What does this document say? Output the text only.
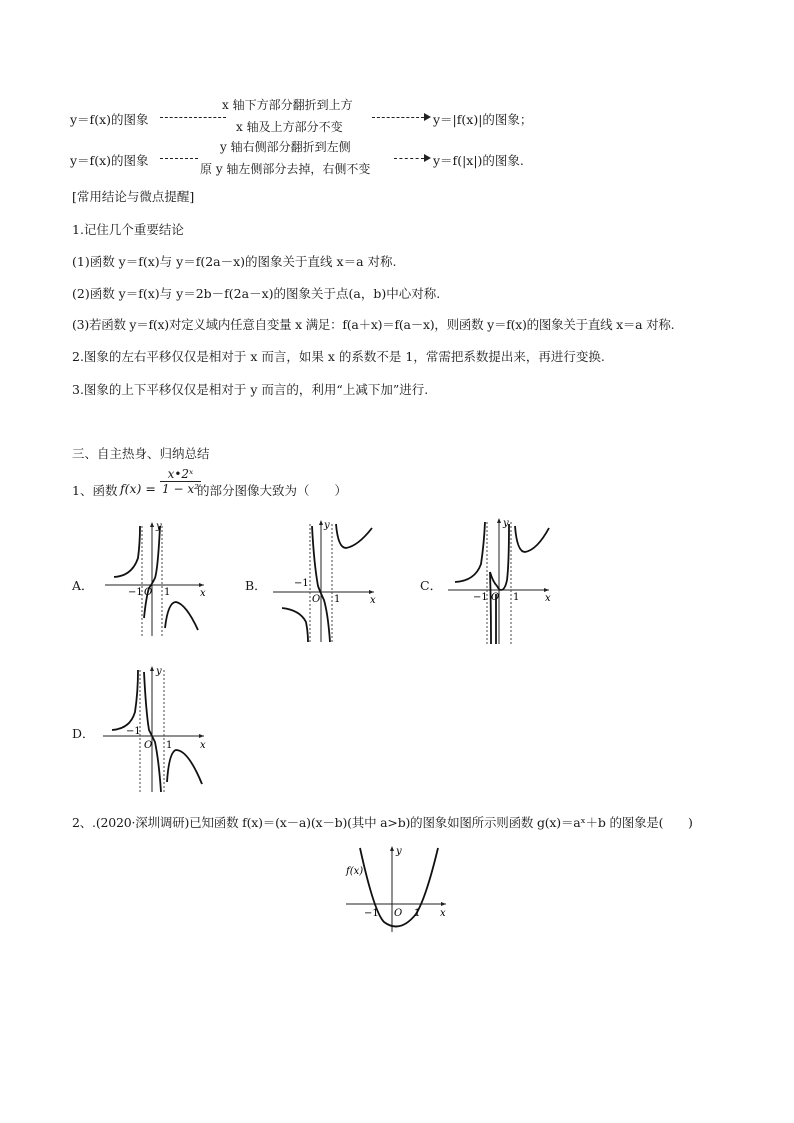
y＝f(x)的图象
x 轴下方部分翻折到上方
x 轴及上方部分不变	y＝|f(x)|的图象；
y＝f(x)的图象
y 轴右侧部分翻折到左侧
原 y 轴左侧部分去掉，右侧不变
y＝f(|x|)的图象.
[常用结论与微点提醒]
1.记住几个重要结论
(1)函数 y＝f(x)与 y＝f(2a－x)的图象关于直线 x＝a 对称.
(2)函数 y＝f(x)与 y＝2b－f(2a－x)的图象关于点(a，b)中心对称.
(3)若函数 y＝f(x)对定义域内任意自变量 x 满足：f(a＋x)＝f(a－x)，则函数 y＝f(x)的图象关于直线 x＝a 对称.
2.图象的左右平移仅仅是相对于 x 而言，如果 x 的系数不是 1，常需把系数提出来，再进行变换.
3.图象的上下平移仅仅是相对于 y 而言的，利用“上减下加”进行.
三、自主热身、归纳总结
1、函数 $f(x) = \frac{\text{x•2ˣ}}{\text{1 − x²}}$
的部分图像大致为（　　）
A．	B．	C．
D．
y
x
−1 O 1
y
x
−1
O 1
y
x
−1 O 1
y
x
−1
O 1
2、.(2020·深圳调研)已知函数 f(x)＝(x－a)(x－b)(其中 a>b)的图象如图所示则函数 g(x)＝aˣ＋b 的图象是(　　)
f(x)
y
x
−1 O 1
